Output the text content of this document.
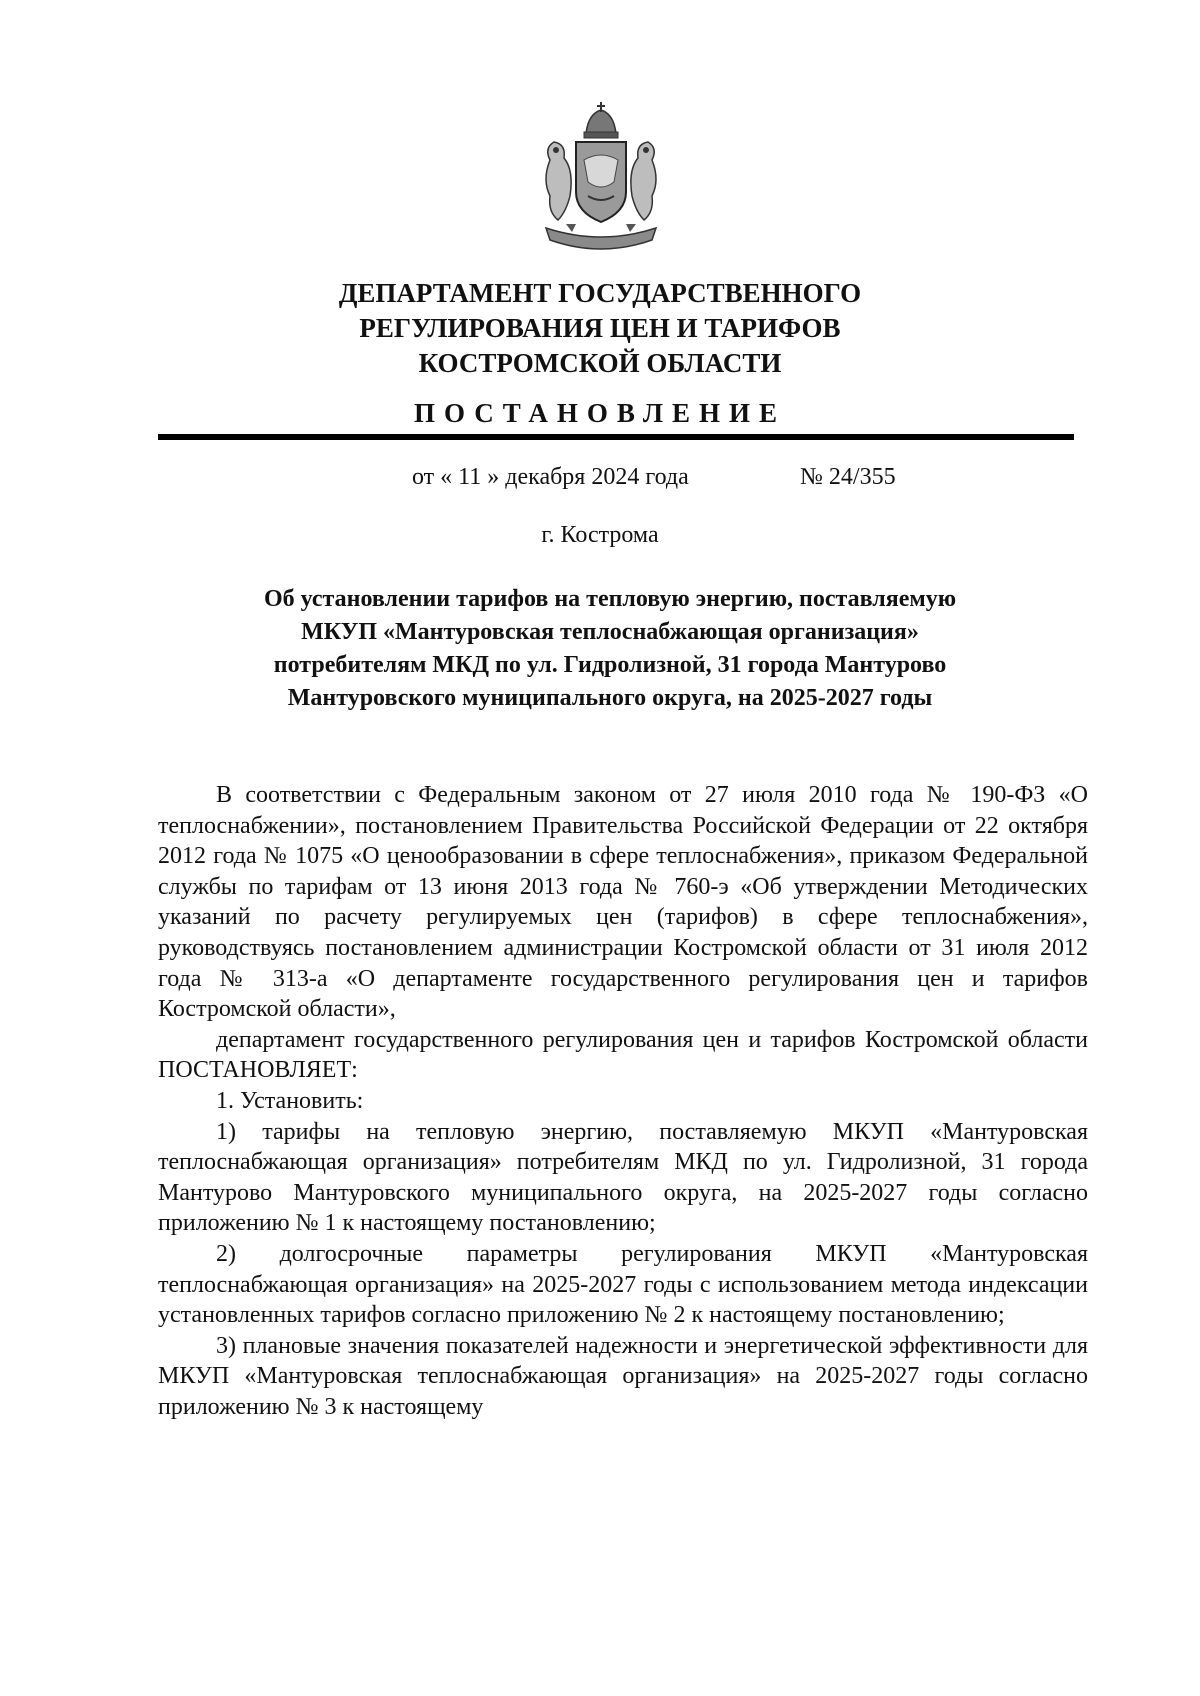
ДЕПАРТАМЕНТ ГОСУДАРСТВЕННОГО
РЕГУЛИРОВАНИЯ ЦЕН И ТАРИФОВ
КОСТРОМСКОЙ ОБЛАСТИ
ПОСТАНОВЛЕНИЕ
от « 11 » декабря 2024 года	№ 24/355
г. Кострома
Об установлении тарифов на тепловую энергию, поставляемую
МКУП «Мантуровская теплоснабжающая организация»
потребителям МКД по ул. Гидролизной, 31 города Мантурово
Мантуровского муниципального округа, на 2025-2027 годы

В соответствии с Федеральным законом от 27 июля 2010 года № 190-ФЗ «О теплоснабжении», постановлением Правительства Российской Федерации от 22 октября 2012 года № 1075 «О ценообразовании в сфере теплоснабжения», приказом Федеральной службы по тарифам от 13 июня 2013 года № 760-э «Об утверждении Методических указаний по расчету регулируемых цен (тарифов) в сфере теплоснабжения», руководствуясь постановлением администрации Костромской области от 31 июля 2012 года № 313-а «О департаменте государственного регулирования цен и тарифов Костромской области»,

департамент государственного регулирования цен и тарифов Костромской области ПОСТАНОВЛЯЕТ:

1. Установить:

1) тарифы на тепловую энергию, поставляемую МКУП «Мантуровская теплоснабжающая организация» потребителям МКД по ул. Гидролизной, 31 города Мантурово Мантуровского муниципального округа, на 2025-2027 годы согласно приложению № 1 к настоящему постановлению;

2) долгосрочные параметры регулирования МКУП «Мантуровская теплоснабжающая организация» на 2025-2027 годы с использованием метода индексации установленных тарифов согласно приложению № 2 к настоящему постановлению;

3) плановые значения показателей надежности и энергетической эффективности для МКУП «Мантуровская теплоснабжающая организация» на 2025-2027 годы согласно приложению № 3 к настоящему
